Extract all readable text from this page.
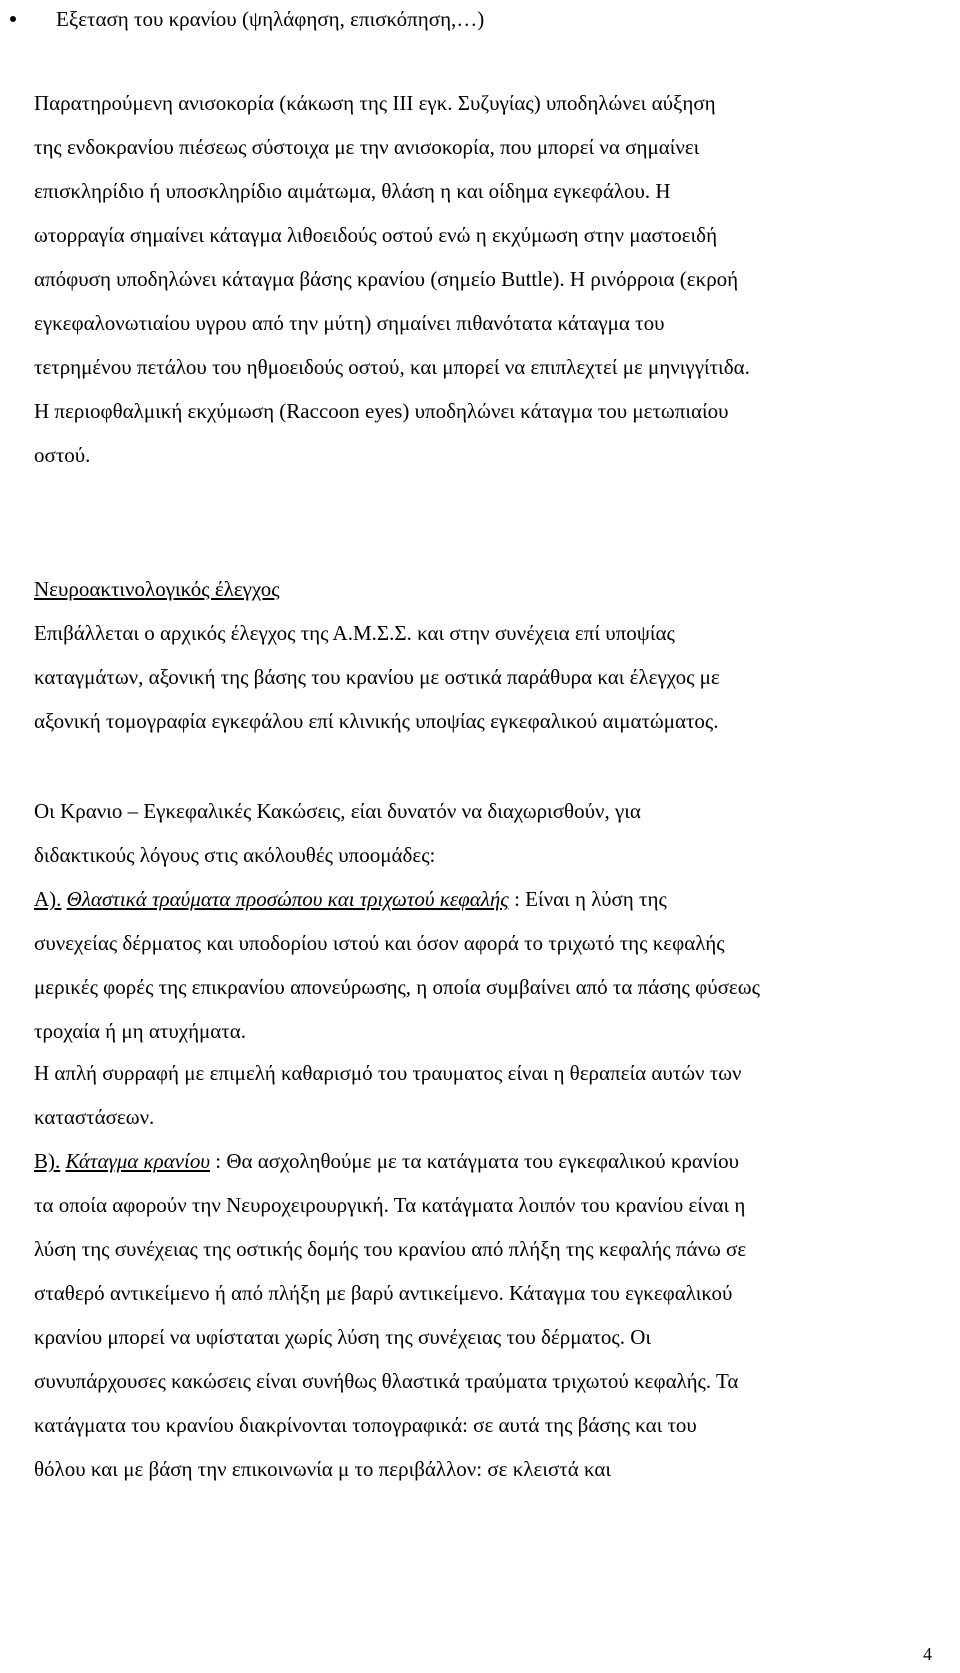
Εξεταση του κρανίου (ψηλάφηση, επισκόπηση,…)
Παρατηρούμενη ανισοκορία (κάκωση της ΙΙΙ εγκ. Συζυγίας) υποδηλώνει αύξηση
της ενδοκρανίου πιέσεως σύστοιχα με την ανισοκορία, που μπορεί να σημαίνει
επισκληρίδιο ή υποσκληρίδιο αιμάτωμα, θλάση η και οίδημα εγκεφάλου. Η
ωτορραγία σημαίνει κάταγμα λιθοειδούς οστού ενώ η εκχύμωση στην μαστοειδή
απόφυση υποδηλώνει κάταγμα βάσης κρανίου (σημείο Buttle). Η ρινόρροια (εκροή
εγκεφαλονωτιαίου υγρου από την μύτη) σημαίνει πιθανότατα κάταγμα του
τετρημένου πετάλου του ηθμοειδούς οστού, και μπορεί να επιπλεχτεί με μηνιγγίτιδα.
Η περιοφθαλμική εκχύμωση (Raccoon eyes) υποδηλώνει κάταγμα του μετωπιαίου
οστού.
Νευροακτινολογικός έλεγχος
Επιβάλλεται ο αρχικός έλεγχος της Α.Μ.Σ.Σ. και στην συνέχεια επί υποψίας
καταγμάτων, αξονική της βάσης του κρανίου με οστικά παράθυρα και έλεγχος με
αξονική τομογραφία εγκεφάλου επί κλινικής υποψίας εγκεφαλικού αιματώματος.
Οι Κρανιο – Εγκεφαλικές Κακώσεις, είαι δυνατόν να διαχωρισθούν, για
διδακτικούς λόγους στις ακόλουθές υποομάδες:
Α). Θλαστικά τραύματα προσώπου και τριχωτού κεφαλής : Είναι η λύση της
συνεχείας δέρματος και υποδορίου ιστού και όσον αφορά το τριχωτό της κεφαλής
μερικές φορές της επικρανίου απονεύρωσης, η οποία συμβαίνει από τα πάσης φύσεως
τροχαία ή μη ατυχήματα.
Η απλή συρραφή με επιμελή καθαρισμό του τραυματος είναι η θεραπεία αυτών των
καταστάσεων.
Β). Κάταγμα κρανίου : Θα ασχοληθούμε με τα κατάγματα του εγκεφαλικού κρανίου
τα οποία αφορούν την Νευροχειρουργική. Τα κατάγματα λοιπόν του κρανίου είναι η
λύση της συνέχειας της οστικής δομής του κρανίου από πλήξη της κεφαλής πάνω σε
σταθερό αντικείμενο ή από πλήξη με βαρύ αντικείμενο. Κάταγμα του εγκεφαλικού
κρανίου μπορεί να υφίσταται χωρίς λύση της συνέχειας του δέρματος. Οι
συνυπάρχουσες κακώσεις είναι συνήθως θλαστικά τραύματα τριχωτού κεφαλής. Τα
κατάγματα του κρανίου διακρίνονται τοπογραφικά: σε αυτά της βάσης και του
θόλου και με βάση την επικοινωνία μ το περιβάλλον: σε κλειστά και
4
